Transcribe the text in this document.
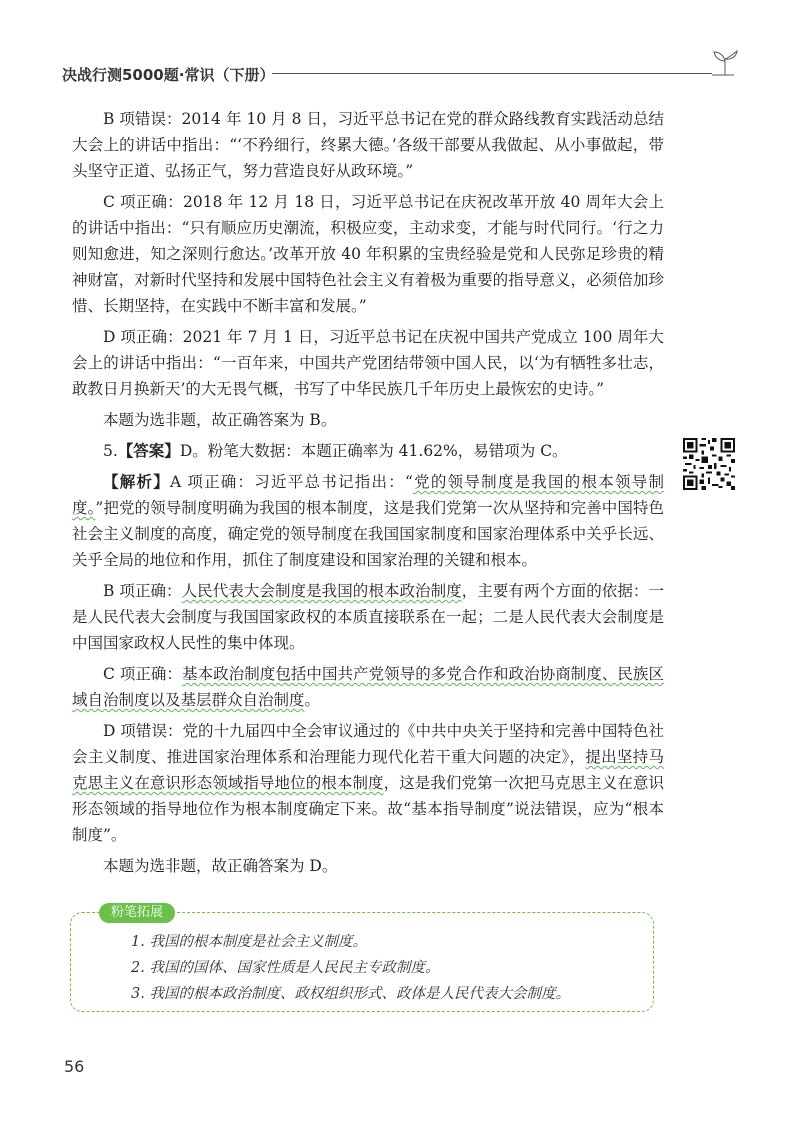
决战行测5000题·常识（下册）

B 项错误：2014 年 10 月 8 日，习近平总书记在党的群众路线教育实践活动总结大会上的讲话中指出：“‘不矜细行，终累大德。’各级干部要从我做起、从小事做起，带头坚守正道、弘扬正气，努力营造良好从政环境。”

C 项正确：2018 年 12 月 18 日，习近平总书记在庆祝改革开放 40 周年大会上的讲话中指出：“只有顺应历史潮流，积极应变，主动求变，才能与时代同行。‘行之力则知愈进，知之深则行愈达。’改革开放 40 年积累的宝贵经验是党和人民弥足珍贵的精神财富，对新时代坚持和发展中国特色社会主义有着极为重要的指导意义，必须倍加珍惜、长期坚持，在实践中不断丰富和发展。”

D 项正确：2021 年 7 月 1 日，习近平总书记在庆祝中国共产党成立 100 周年大会上的讲话中指出：“一百年来，中国共产党团结带领中国人民，以‘为有牺牲多壮志，敢教日月换新天’的大无畏气概，书写了中华民族几千年历史上最恢宏的史诗。”

本题为选非题，故正确答案为 B。

5.【答案】D。粉笔大数据：本题正确率为 41.62%，易错项为 C。

【解析】A 项正确：习近平总书记指出：“党的领导制度是我国的根本领导制度。”把党的领导制度明确为我国的根本制度，这是我们党第一次从坚持和完善中国特色社会主义制度的高度，确定党的领导制度在我国国家制度和国家治理体系中关乎长远、关乎全局的地位和作用，抓住了制度建设和国家治理的关键和根本。

B 项正确：人民代表大会制度是我国的根本政治制度，主要有两个方面的依据：一是人民代表大会制度与我国国家政权的本质直接联系在一起；二是人民代表大会制度是中国国家政权人民性的集中体现。

C 项正确：基本政治制度包括中国共产党领导的多党合作和政治协商制度、民族区域自治制度以及基层群众自治制度。

D 项错误：党的十九届四中全会审议通过的《中共中央关于坚持和完善中国特色社会主义制度、推进国家治理体系和治理能力现代化若干重大问题的决定》，提出坚持马克思主义在意识形态领域指导地位的根本制度，这是我们党第一次把马克思主义在意识形态领域的指导地位作为根本制度确定下来。故“基本指导制度”说法错误，应为“根本制度”。

本题为选非题，故正确答案为 D。

粉笔拓展
1. 我国的根本制度是社会主义制度。
2. 我国的国体、国家性质是人民民主专政制度。
3. 我国的根本政治制度、政权组织形式、政体是人民代表大会制度。
56
